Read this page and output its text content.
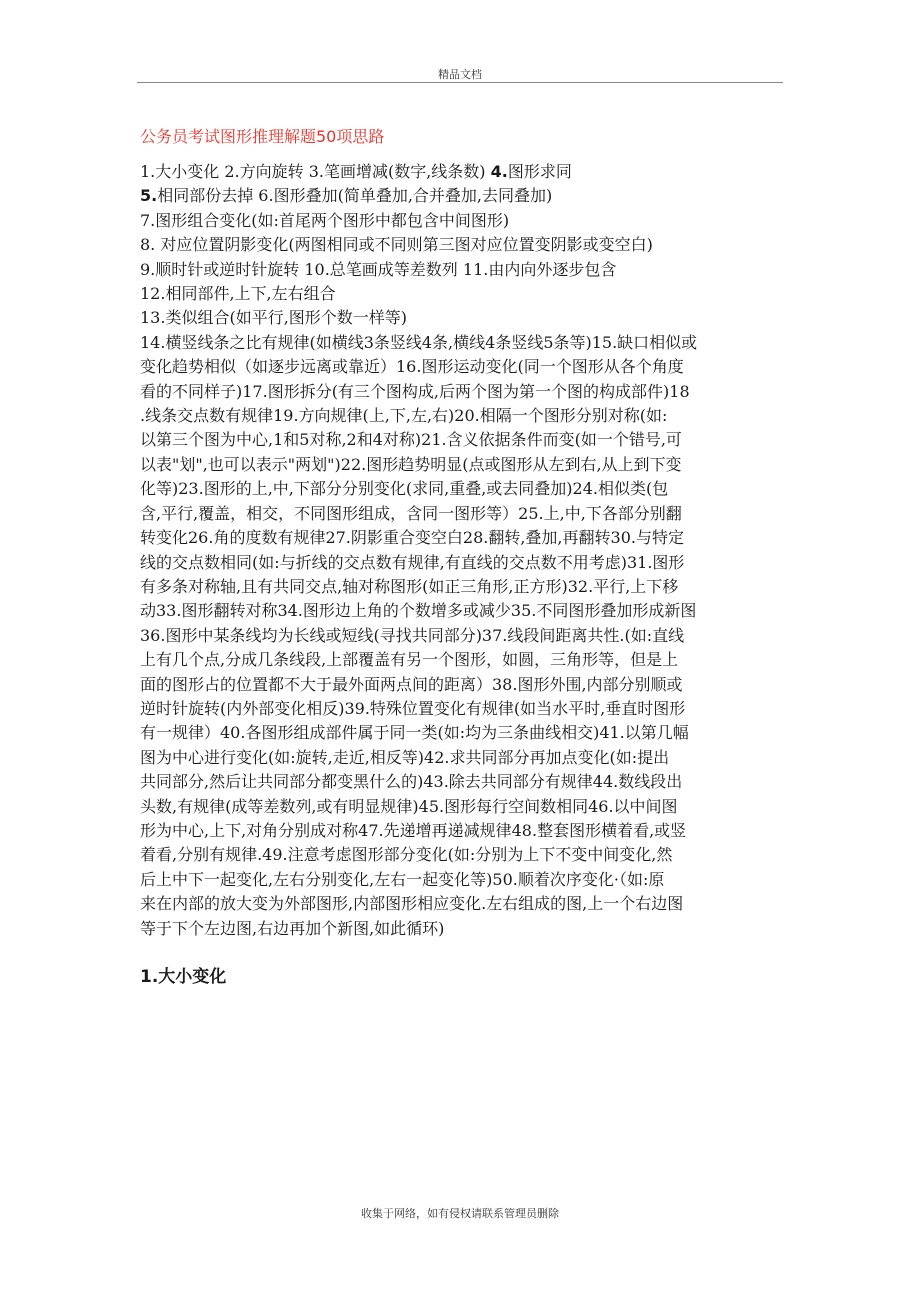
精品文档
公务员考试图形推理解题50项思路
1.大小变化 2.方向旋转 3.笔画增减(数字,线条数) 4.图形求同
5.相同部份去掉 6.图形叠加(简单叠加,合并叠加,去同叠加)
7.图形组合变化(如:首尾两个图形中都包含中间图形)
8. 对应位置阴影变化(两图相同或不同则第三图对应位置变阴影或变空白)
9.顺时针或逆时针旋转 10.总笔画成等差数列 11.由内向外逐步包含
12.相同部件,上下,左右组合
13.类似组合(如平行,图形个数一样等)
14.横竖线条之比有规律(如横线3条竖线4条,横线4条竖线5条等)15.缺口相似或
变化趋势相似（如逐步远离或靠近）16.图形运动变化(同一个图形从各个角度
看的不同样子)17.图形拆分(有三个图构成,后两个图为第一个图的构成部件)18
.线条交点数有规律19.方向规律(上,下,左,右)20.相隔一个图形分别对称(如:
以第三个图为中心,1和5对称,2和4对称)21.含义依据条件而变(如一个错号,可
以表"划",也可以表示"两划")22.图形趋势明显(点或图形从左到右,从上到下变
化等)23.图形的上,中,下部分分别变化(求同,重叠,或去同叠加)24.相似类(包
含,平行,覆盖，相交，不同图形组成，含同一图形等）25.上,中,下各部分别翻
转变化26.角的度数有规律27.阴影重合变空白28.翻转,叠加,再翻转30.与特定
线的交点数相同(如:与折线的交点数有规律,有直线的交点数不用考虑)31.图形
有多条对称轴,且有共同交点,轴对称图形(如正三角形,正方形)32.平行,上下移
动33.图形翻转对称34.图形边上角的个数增多或减少35.不同图形叠加形成新图
36.图形中某条线均为长线或短线(寻找共同部分)37.线段间距离共性.(如:直线
上有几个点,分成几条线段,上部覆盖有另一个图形，如圆，三角形等，但是上
面的图形占的位置都不大于最外面两点间的距离）38.图形外围,内部分别顺或
逆时针旋转(内外部变化相反)39.特殊位置变化有规律(如当水平时,垂直时图形
有一规律）40.各图形组成部件属于同一类(如:均为三条曲线相交)41.以第几幅
图为中心进行变化(如:旋转,走近,相反等)42.求共同部分再加点变化(如:提出
共同部分,然后让共同部分都变黑什么的)43.除去共同部分有规律44.数线段出
头数,有规律(成等差数列,或有明显规律)45.图形每行空间数相同46.以中间图
形为中心,上下,对角分别成对称47.先递增再递减规律48.整套图形横着看,或竖
着看,分别有规律.49.注意考虑图形部分变化(如:分别为上下不变中间变化,然
后上中下一起变化,左右分别变化,左右一起变化等)50.顺着次序变化·（如:原
来在内部的放大变为外部图形,内部图形相应变化.左右组成的图,上一个右边图
等于下个左边图,右边再加个新图,如此循环)
1.大小变化
收集于网络，如有侵权请联系管理员删除
